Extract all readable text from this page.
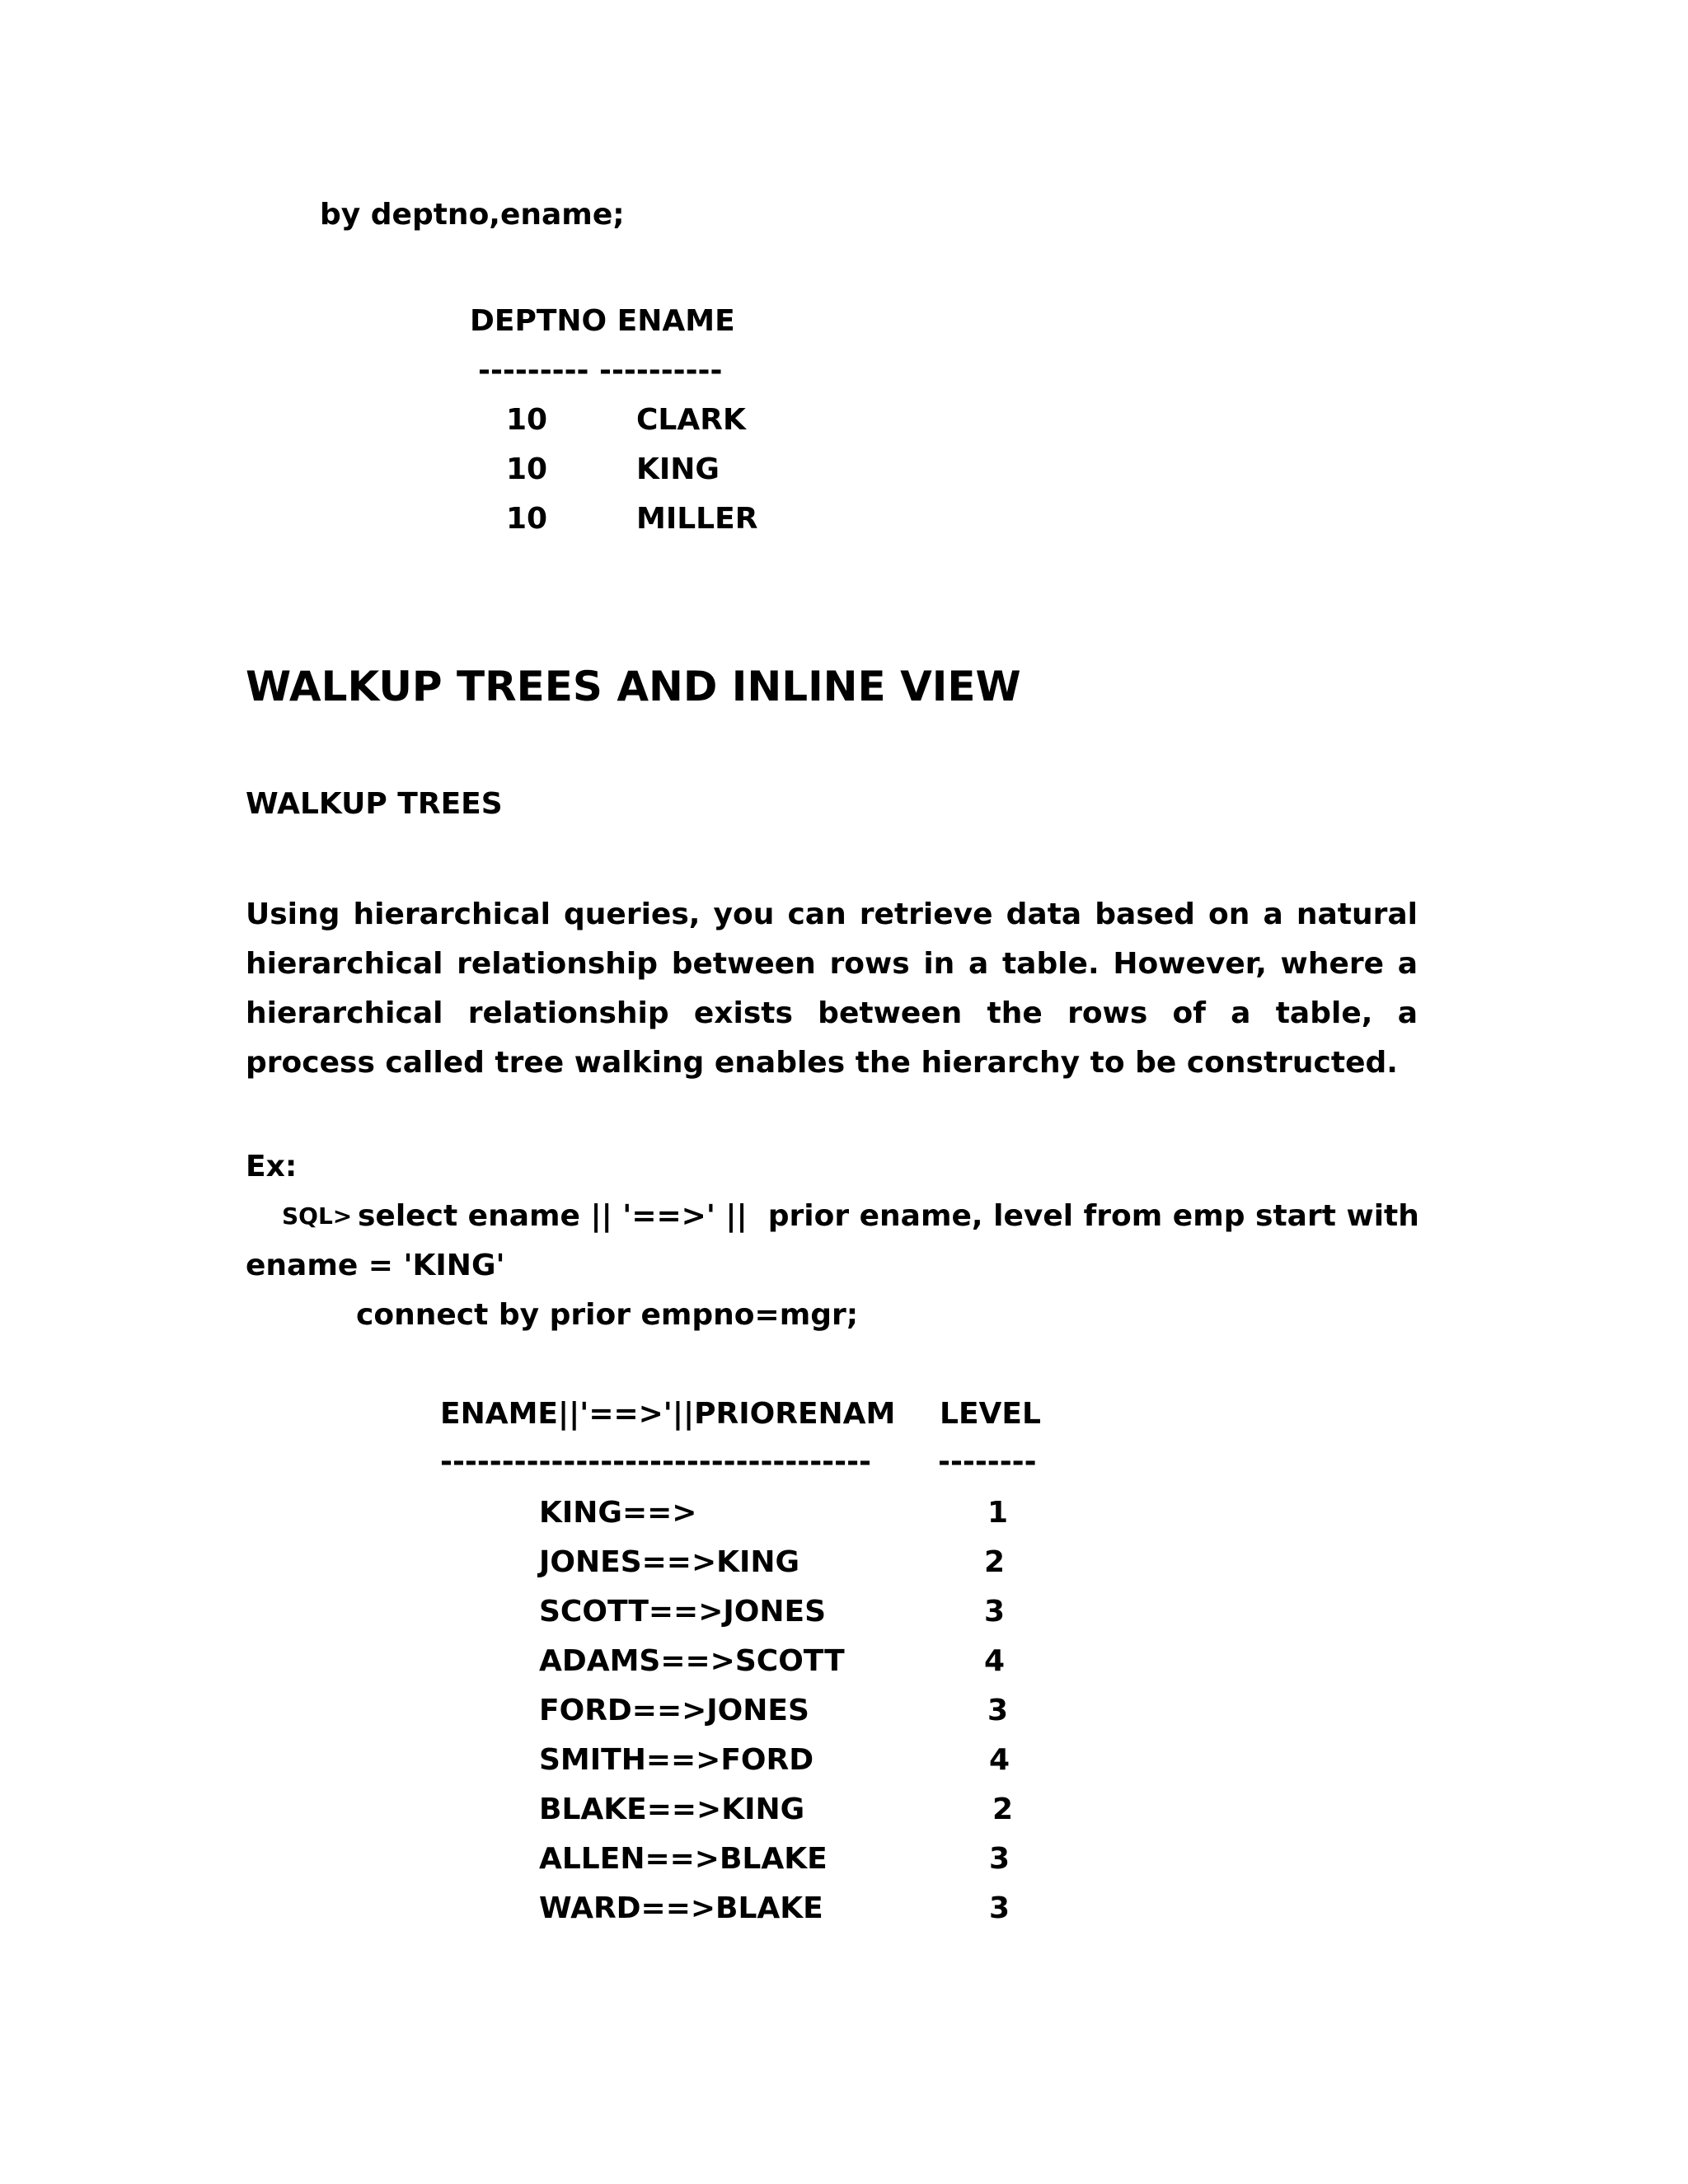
by deptno,ename;
DEPTNO ENAME
--------- ----------
10	CLARK
10	KING
10	MILLER
WALKUP TREES AND INLINE VIEW
WALKUP TREES
Using hierarchical queries, you can retrieve data based on a natural hierarchical relationship between rows in a table. However, where a hierarchical relationship exists between the rows of a table, a process called tree walking enables the hierarchy to be constructed.
Ex:
SQL> select ename || '==>' ||  prior ename, level from emp start with
ename = 'KING'
connect by prior empno=mgr;
ENAME||'==>'||PRIORENAM LEVEL
----------------------------------- --------
KING==>	1
JONES==>KING	2
SCOTT==>JONES	3
ADAMS==>SCOTT	4
FORD==>JONES	3
SMITH==>FORD	4
BLAKE==>KING	2
ALLEN==>BLAKE	3
WARD==>BLAKE	3
